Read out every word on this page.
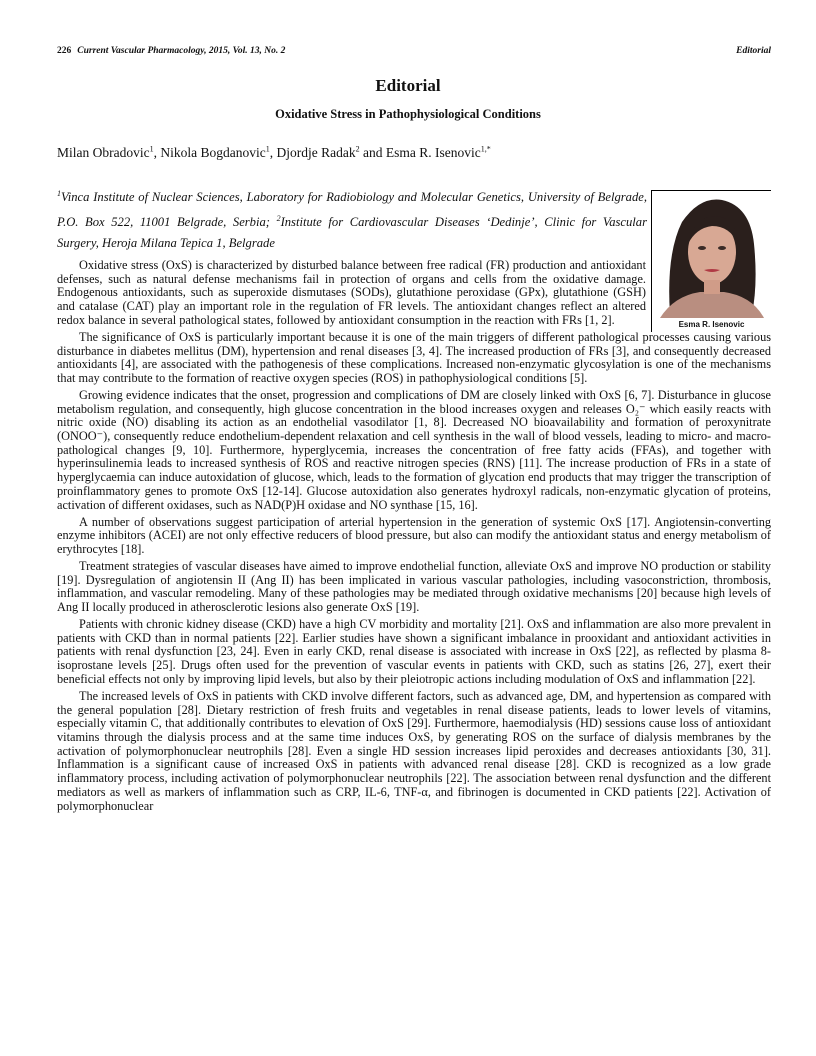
226 Current Vascular Pharmacology, 2015, Vol. 13, No. 2	Editorial
Editorial
Oxidative Stress in Pathophysiological Conditions
Milan Obradovic$^1$, Nikola Bogdanovic$^1$, Djordje Radak$^2$ and Esma R. Isenovic$^{1,*}$
$^1$Vinca Institute of Nuclear Sciences, Laboratory for Radiobiology and Molecular Genetics, University of Belgrade, P.O. Box 522, 11001 Belgrade, Serbia; $^2$Institute for Cardiovascular Diseases ‘Dedinje’, Clinic for Vascular Surgery, Heroja Milana Tepica 1, Belgrade
Esma R. Isenovic

Oxidative stress (OxS) is characterized by disturbed balance between free radical (FR) production and antioxidant defenses, such as natural defense mechanisms fail in protection of organs and cells from the oxidative damage. Endogenous antioxidants, such as superoxide dismutases (SODs), glutathione peroxidase (GPx), glutathione (GSH) and catalase (CAT) play an important role in the regulation of FR levels. The antioxidant changes reflect an altered redox balance in several pathological states, followed by antioxidant consumption in the reaction with FRs [1, 2].

The significance of OxS is particularly important because it is one of the main triggers of different pathological processes causing various disturbance in diabetes mellitus (DM), hypertension and renal diseases [3, 4]. The increased production of FRs [3], and consequently decreased antioxidants [4], are associated with the pathogenesis of these complications. Increased non-enzymatic glycosylation is one of the mechanisms that may contribute to the formation of reactive oxygen species (ROS) in pathophysiological conditions [5].

Growing evidence indicates that the onset, progression and complications of DM are closely linked with OxS [6, 7]. Disturbance in glucose metabolism regulation, and consequently, high glucose concentration in the blood increases oxygen and releases O₂⁻ which easily reacts with nitric oxide (NO) disabling its action as an endothelial vasodilator [1, 8]. Decreased NO bioavailability and formation of peroxynitrate (ONOO⁻), consequently reduce endothelium-dependent relaxation and cell synthesis in the wall of blood vessels, leading to micro- and macro-pathological changes [9, 10]. Furthermore, hyperglycemia, increases the concentration of free fatty acids (FFAs), and together with hyperinsulinemia leads to increased synthesis of ROS and reactive nitrogen species (RNS) [11]. The increase production of FRs in a state of hyperglycaemia can induce autoxidation of glucose, which, leads to the formation of glycation end products that may trigger the transcription of proinflammatory genes to promote OxS [12-14]. Glucose autoxidation also generates hydroxyl radicals, non-enzymatic glycation of proteins, activation of different oxidases, such as NAD(P)H oxidase and NO synthase [15, 16].

A number of observations suggest participation of arterial hypertension in the generation of systemic OxS [17]. Angiotensin-converting enzyme inhibitors (ACEI) are not only effective reducers of blood pressure, but also can modify the antioxidant status and energy metabolism of erythrocytes [18].

Treatment strategies of vascular diseases have aimed to improve endothelial function, alleviate OxS and improve NO production or stability [19]. Dysregulation of angiotensin II (Ang II) has been implicated in various vascular pathologies, including vasoconstriction, thrombosis, inflammation, and vascular remodeling. Many of these pathologies may be mediated through oxidative mechanisms [20] because high levels of Ang II locally produced in atherosclerotic lesions also generate OxS [19].

Patients with chronic kidney disease (CKD) have a high CV morbidity and mortality [21]. OxS and inflammation are also more prevalent in patients with CKD than in normal patients [22]. Earlier studies have shown a significant imbalance in prooxidant and antioxidant activities in patients with renal dysfunction [23, 24]. Even in early CKD, renal disease is associated with increase in OxS [22], as reflected by plasma 8-isoprostane levels [25]. Drugs often used for the prevention of vascular events in patients with CKD, such as statins [26, 27], exert their beneficial effects not only by improving lipid levels, but also by their pleiotropic actions including modulation of OxS and inflammation [22].

The increased levels of OxS in patients with CKD involve different factors, such as advanced age, DM, and hypertension as compared with the general population [28]. Dietary restriction of fresh fruits and vegetables in renal disease patients, leads to lower levels of vitamins, especially vitamin C, that additionally contributes to elevation of OxS [29]. Furthermore, haemodialysis (HD) sessions cause loss of antioxidant vitamins through the dialysis process and at the same time induces OxS, by generating ROS on the surface of dialysis membranes by the activation of polymorphonuclear neutrophils [28]. Even a single HD session increases lipid peroxides and decreases antioxidants [30, 31]. Inflammation is a significant cause of increased OxS in patients with advanced renal disease [28]. CKD is recognized as a low grade inflammatory process, including activation of polymorphonuclear neutrophils [22]. The association between renal dysfunction and the different mediators as well as markers of inflammation such as CRP, IL-6, TNF-α, and fibrinogen is documented in CKD patients [22]. Activation of polymorphonuclear
